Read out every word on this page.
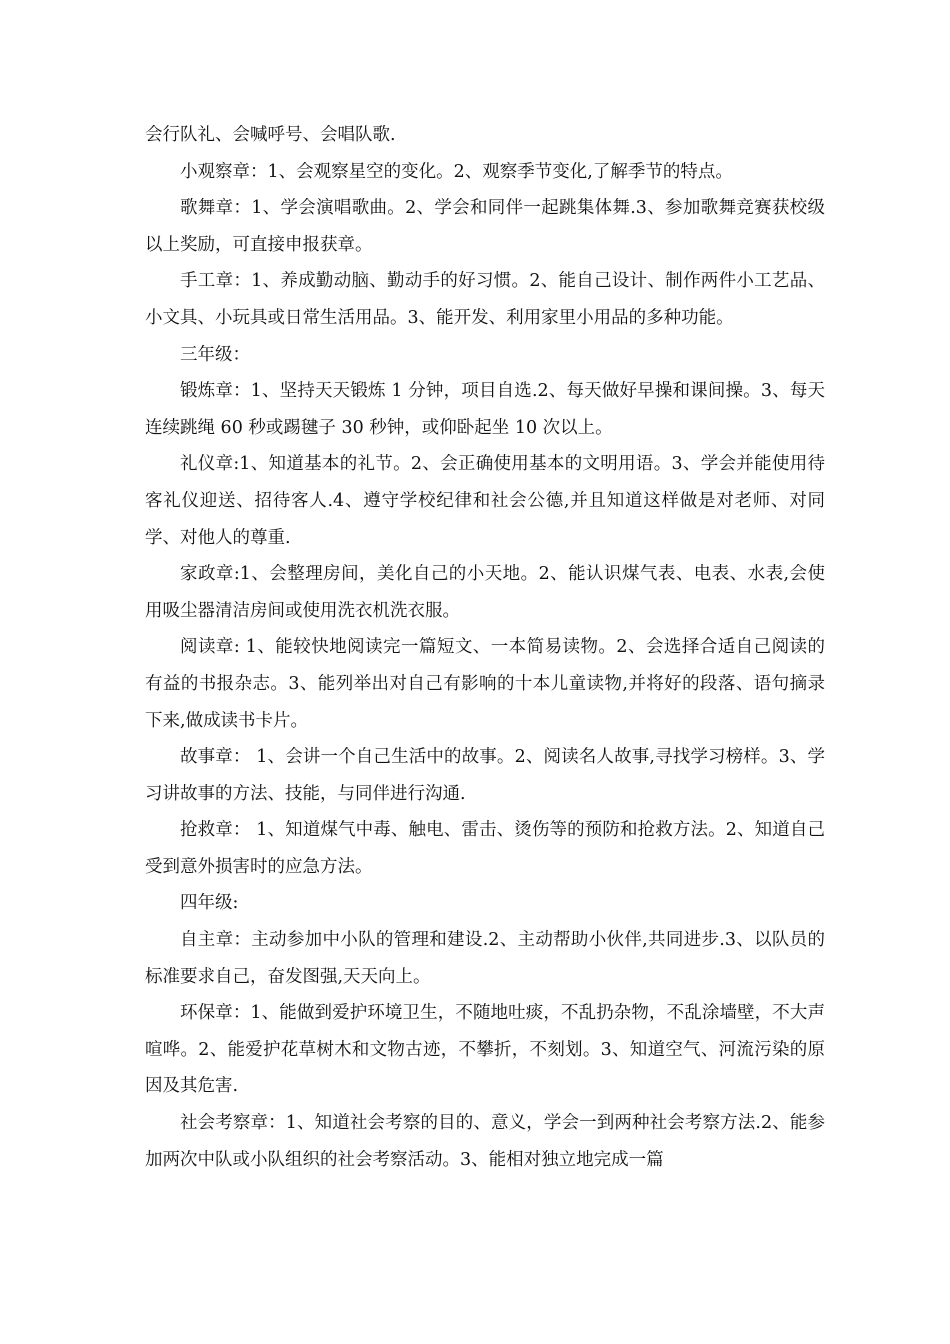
会行队礼、会喊呼号、会唱队歌.

小观察章：1、会观察星空的变化。2、观察季节变化,了解季节的特点。

歌舞章：1、学会演唱歌曲。2、学会和同伴一起跳集体舞.3、参加歌舞竞赛获校级以上奖励，可直接申报获章。

手工章：1、养成勤动脑、勤动手的好习惯。2、能自己设计、制作两件小工艺品、小文具、小玩具或日常生活用品。3、能开发、利用家里小用品的多种功能。

三年级：

锻炼章：1、坚持天天锻炼 1 分钟，项目自选.2、每天做好早操和课间操。3、每天连续跳绳 60 秒或踢毽子 30 秒钟，或仰卧起坐 10 次以上。

礼仪章:1、知道基本的礼节。2、会正确使用基本的文明用语。3、学会并能使用待客礼仪迎送、招待客人.4、遵守学校纪律和社会公德,并且知道这样做是对老师、对同学、对他人的尊重.

家政章:1、会整理房间，美化自己的小天地。2、能认识煤气表、电表、水表,会使用吸尘器清洁房间或使用洗衣机洗衣服。

阅读章: 1、能较快地阅读完一篇短文、一本简易读物。2、会选择合适自己阅读的有益的书报杂志。3、能列举出对自己有影响的十本儿童读物,并将好的段落、语句摘录下来,做成读书卡片。

故事章： 1、会讲一个自己生活中的故事。2、阅读名人故事,寻找学习榜样。3、学习讲故事的方法、技能，与同伴进行沟通.

抢救章： 1、知道煤气中毒、触电、雷击、烫伤等的预防和抢救方法。2、知道自己受到意外损害时的应急方法。

四年级:

自主章：主动参加中小队的管理和建设.2、主动帮助小伙伴,共同进步.3、以队员的标准要求自己，奋发图强,天天向上。

环保章：1、能做到爱护环境卫生，不随地吐痰，不乱扔杂物，不乱涂墙壁，不大声喧哗。2、能爱护花草树木和文物古迹，不攀折，不刻划。3、知道空气、河流污染的原因及其危害.

社会考察章：1、知道社会考察的目的、意义，学会一到两种社会考察方法.2、能参加两次中队或小队组织的社会考察活动。3、能相对独立地完成一篇
